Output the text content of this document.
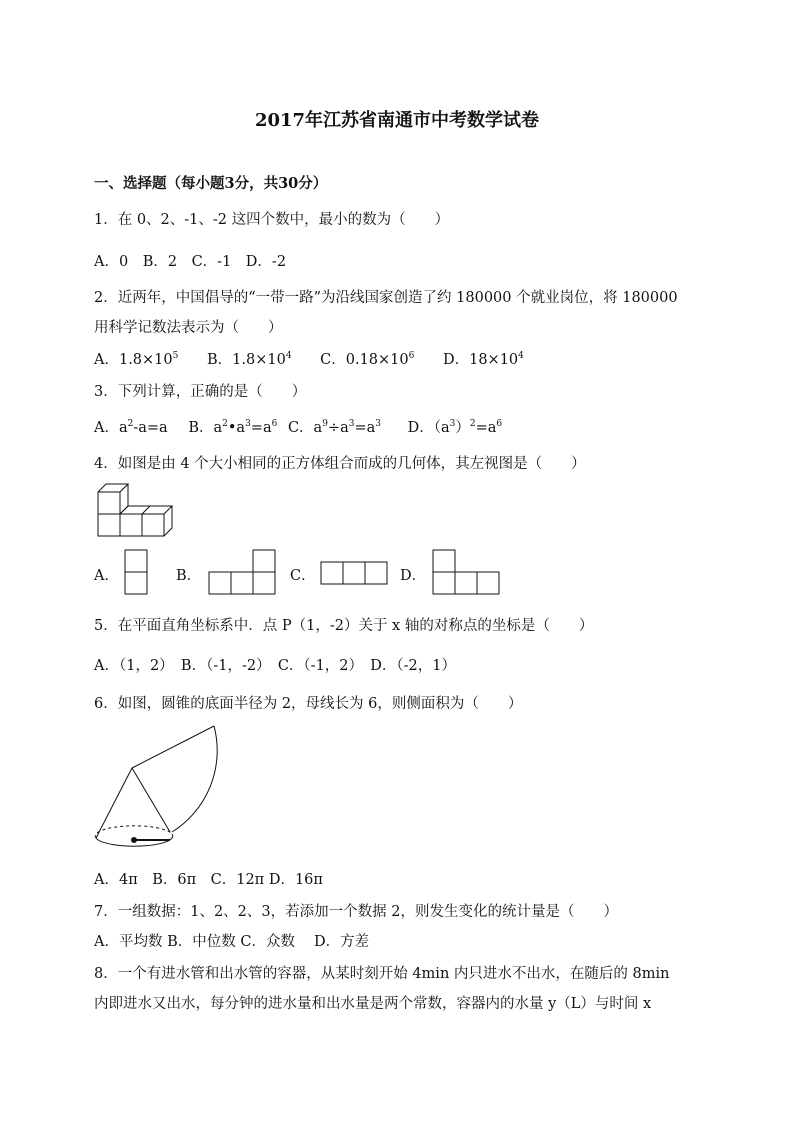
2017年江苏省南通市中考数学试卷
一、选择题（每小题3分，共30分）
1．在 0、2、-1、-2 这四个数中，最小的数为（　　）
A．0　B．2　C．-1　D．-2
2．近两年，中国倡导的“一带一路”为沿线国家创造了约 180000 个就业岗位，将 180000
用科学记数法表示为（　　）
A．$1.8\times 10^5$ B．$1.8\times 10^4$ C．$0.18\times 10^6$ D．$18\times 10^4$
3．下列计算，正确的是（　　）
A．$a^2-a=a$ B．$a^2•a^3=a^6$ C．$a^9\div a^3=a^3$ D．$(a^3)^2=a^6$
4．如图是由 4 个大小相同的正方体组合而成的几何体，其左视图是（　　）
A．	B．	C．	D．
5．在平面直角坐标系中．点 P（1，-2）关于 x 轴的对称点的坐标是（　　）
A．（1，2）　B．（-1，-2）　C．（-1，2）　D．（-2，1）
6．如图，圆锥的底面半径为 2，母线长为 6，则侧面积为（　　）
A．4π　B．6π　C．12π D．16π
7．一组数据：1、2、2、3，若添加一个数据 2，则发生变化的统计量是（　　）
A．平均数 B．中位数 C．众数　 D．方差
8．一个有进水管和出水管的容器，从某时刻开始 4min 内只进水不出水，在随后的 8min
内即进水又出水，每分钟的进水量和出水量是两个常数，容器内的水量 y（L）与时间 x
